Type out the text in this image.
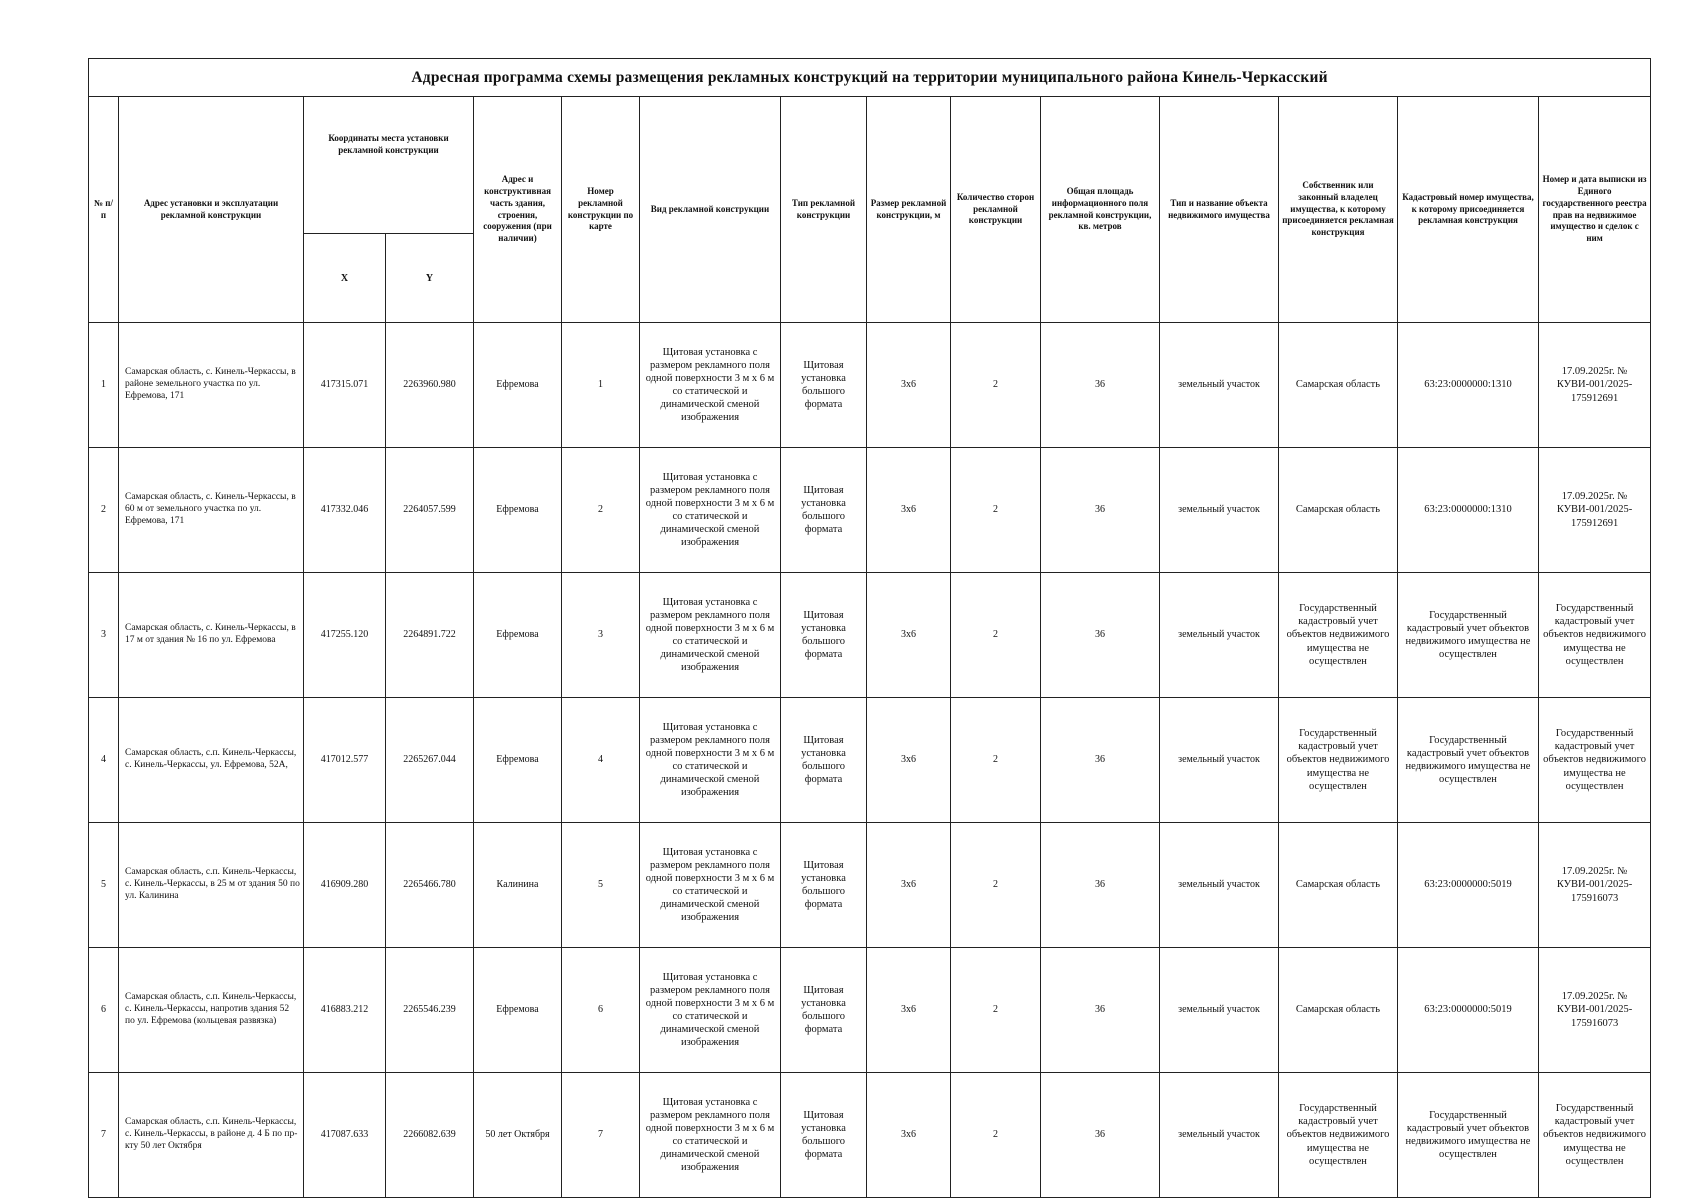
Адресная программа схемы размещения рекламных конструкций на территории муниципального района Кинель-Черкасский														
№ п/п	Адрес установки и эксплуатации рекламной конструкции	Координаты места установки рекламной конструкции		Адрес и конструктивная часть здания, строения, сооружения (при наличии)	Номер рекламной конструкции по карте	Вид рекламной конструкции	Тип рекламной конструкции	Размер рекламной конструкции, м	Количество сторон рекламной конструкции	Общая площадь информационного поля рекламной конструкции, кв. метров	Тип и название объекта недвижимого имущества	Собственник или законный владелец имущества, к которому присоединяется рекламная конструкция	Кадастровый номер имущества, к которому присоединяется рекламная конструкция	Номер и дата выписки из Единого государственного реестра прав на недвижимое имущество и сделок с ним
		X	Y											
1	Самарская область, с. Кинель-Черкассы, в районе земельного участка по ул. Ефремова, 171	417315.071	2263960.980	Ефремова	1	Щитовая установка с размером рекламного поля одной поверхности 3 м х 6 м со статической и динамической сменой изображения	Щитовая установка большого формата	3x6	2	36	земельный участок	Самарская область	63:23:0000000:1310	17.09.2025г. № КУВИ-001/2025-175912691
2	Самарская область, с. Кинель-Черкассы, в 60 м от земельного участка по ул. Ефремова, 171	417332.046	2264057.599	Ефремова	2	Щитовая установка с размером рекламного поля одной поверхности 3 м х 6 м со статической и динамической сменой изображения	Щитовая установка большого формата	3x6	2	36	земельный участок	Самарская область	63:23:0000000:1310	17.09.2025г. № КУВИ-001/2025-175912691
3	Самарская область, с. Кинель-Черкассы, в 17 м от здания № 16 по ул. Ефремова	417255.120	2264891.722	Ефремова	3	Щитовая установка с размером рекламного поля одной поверхности 3 м х 6 м со статической и динамической сменой изображения	Щитовая установка большого формата	3x6	2	36	земельный участок	Государственный кадастровый учет объектов недвижимого имущества не осуществлен	Государственный кадастровый учет объектов недвижимого имущества не осуществлен	Государственный кадастровый учет объектов недвижимого имущества не осуществлен
4	Самарская область, с.п. Кинель-Черкассы, с. Кинель-Черкассы, ул. Ефремова, 52А,	417012.577	2265267.044	Ефремова	4	Щитовая установка с размером рекламного поля одной поверхности 3 м х 6 м со статической и динамической сменой изображения	Щитовая установка большого формата	3x6	2	36	земельный участок	Государственный кадастровый учет объектов недвижимого имущества не осуществлен	Государственный кадастровый учет объектов недвижимого имущества не осуществлен	Государственный кадастровый учет объектов недвижимого имущества не осуществлен
5	Самарская область, с.п. Кинель-Черкассы, с. Кинель-Черкассы, в 25 м от здания 50 по ул. Калинина	416909.280	2265466.780	Калинина	5	Щитовая установка с размером рекламного поля одной поверхности 3 м х 6 м со статической и динамической сменой изображения	Щитовая установка большого формата	3x6	2	36	земельный участок	Самарская область	63:23:0000000:5019	17.09.2025г. № КУВИ-001/2025-175916073
6	Самарская область, с.п. Кинель-Черкассы, с. Кинель-Черкассы, напротив здания 52 по ул. Ефремова (кольцевая развязка)	416883.212	2265546.239	Ефремова	6	Щитовая установка с размером рекламного поля одной поверхности 3 м х 6 м со статической и динамической сменой изображения	Щитовая установка большого формата	3x6	2	36	земельный участок	Самарская область	63:23:0000000:5019	17.09.2025г. № КУВИ-001/2025-175916073
7	Самарская область, с.п. Кинель-Черкассы, с. Кинель-Черкассы, в районе д. 4 Б по пр-кту 50 лет Октября	417087.633	2266082.639	50 лет Октября	7	Щитовая установка с размером рекламного поля одной поверхности 3 м х 6 м со статической и динамической сменой изображения	Щитовая установка большого формата	3x6	2	36	земельный участок	Государственный кадастровый учет объектов недвижимого имущества не осуществлен	Государственный кадастровый учет объектов недвижимого имущества не осуществлен	Государственный кадастровый учет объектов недвижимого имущества не осуществлен
